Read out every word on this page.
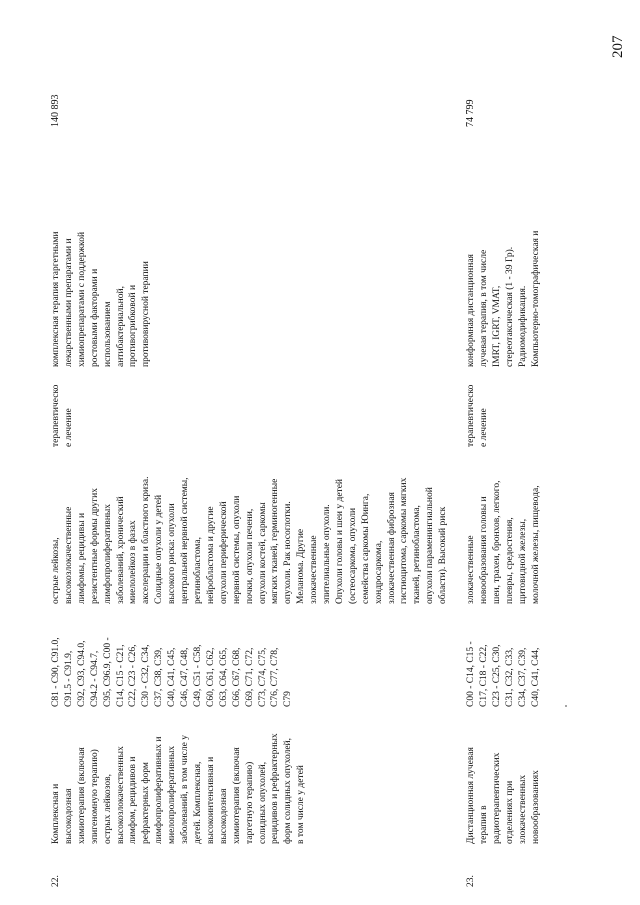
207
22.
Комплексная и высокодозная химиотерапия (включая эпигеномную терапию) острых лейкозов, высокозлокачественных лимфом, рецидивов и рефрактерных форм лимфопролиферативных и миелопролиферативных заболеваний, в том числе у детей. Комплексная, высокоинтенсивная и высокодозная химиотерапия (включая таргетную терапию) солидных опухолей, рецидивов и рефрактерных форм солидных опухолей, в том числе у детей
C81 - C90, C91.0, C91.5 - C91.9, C92, C93, C94.0, C94.2 - C94.7, C95, C96.9, C00 - C14, C15 - C21, C22, C23 - C26, C30 - C32, C34, C37, C38, C39, C40, C41, C45, C46, C47, C48, C49, C51 - C58, C60, C61, C62, C63, C64, C65, C66, C67, C68, C69, C71, C72, C73, C74, C75, C76, C77, C78, C79
острые лейкозы, высокозлокачественные лимфомы, рецидивы и резистентные формы других лимфопролиферативных заболеваний, хронический миелолейкоз в фазах акселерации и бластного криза. Солидные опухоли у детей высокого риска: опухоли центральной нервной системы, ретинобластома, нейробластома и другие опухоли периферической нервной системы, опухоли почки, опухоли печени, опухоли костей, саркомы мягких тканей, герминогенные опухоли. Рак носоглотки. Меланома. Другие злокачественные эпителиальные опухоли. Опухоли головы и шеи у детей (остеосаркома, опухоли семейства саркомы Юинга, хондросаркома, злокачественная фиброзная гистиоцитома, саркомы мягких тканей, ретинобластома, опухоли параменингиальной области). Высокий риск
терапевтическо е лечение
комплексная терапия таргетными лекарственными препаратами и химиопрепаратами с поддержкой ростовыми факторами и использованием антибактериальной, противогрибковой и противовирусной терапии
140 893
23.
Дистанционная лучевая терапия в радиотерапевтических отделениях при злокачественных новообразованиях
C00 - C14, C15 - C17, C18 - C22, C23 - C25, C30, C31, C32, C33, C34, C37, C39, C40, C41, C44,
злокачественные новообразования головы и шеи, трахеи, бронхов, легкого, плевры, средостения, щитовидной железы, молочной железы, пищевода,
терапевтическо е лечение
конформная дистанционная лучевая терапия, в том числе IMRT, IGRT, VMAT, стереотаксическая (1 - 39 Гр). Радиомодификация. Компьютерно-томографическая и
74 799
